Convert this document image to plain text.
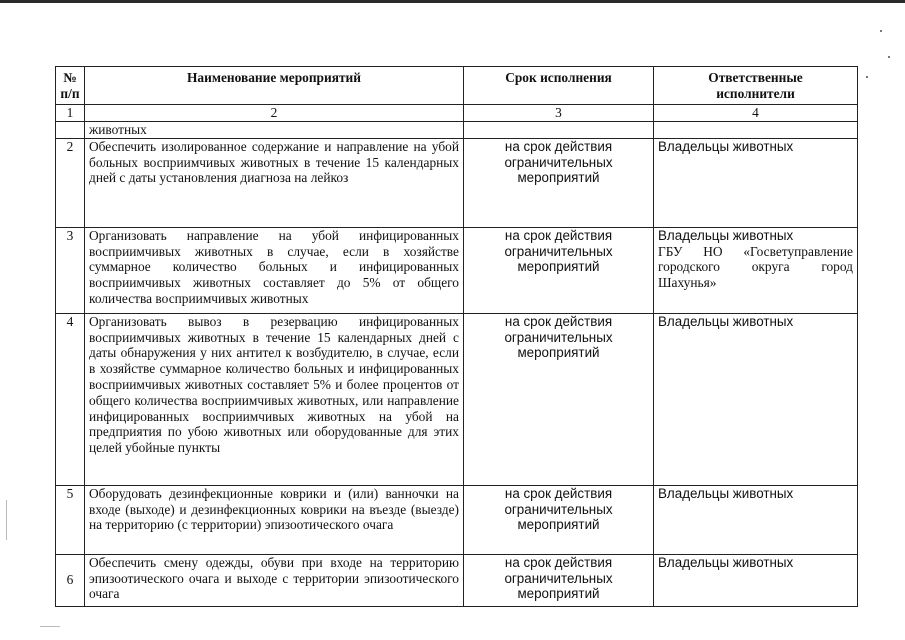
№ п/п	Наименование мероприятий	Срок исполнения	Ответственные
исполнители

1	2	3	4
	животных		
2	Обеспечить изолированное содержание и направление на убой больных восприимчивых животных в течение 15 календарных дней с даты установления диагноза на лейкоз	на срок действия ограничительных мероприятий	Владельцы животных

3	Организовать направление на убой инфицированных восприимчивых животных в случае, если в хозяйстве суммарное количество больных и инфицированных восприимчивых животных составляет до 5% от общего количества восприимчивых животных	на срок действия ограничительных мероприятий	Владельцы животных
ГБУ НО «Госветуправление городского округа город Шахунья»

4	Организовать вывоз в резервацию инфицированных восприимчивых животных в течение 15 календарных дней с даты обнаружения у них антител к возбудителю, в случае, если в хозяйстве суммарное количество больных и инфицированных восприимчивых животных составляет 5% и более процентов от общего количества восприимчивых животных, или направление инфицированных восприимчивых животных на убой на предприятия по убою животных или оборудованные для этих целей убойные пункты	на срок действия ограничительных мероприятий	Владельцы животных

5	Оборудовать дезинфекционные коврики и (или) ванночки на входе (выходе) и дезинфекционных коврики на въезде (выезде) на территорию (с территории) эпизоотического очага	на срок действия ограничительных мероприятий	Владельцы животных

6	Обеспечить смену одежды, обуви при входе на территорию эпизоотического очага и выходе с территории эпизоотического очага	на срок действия ограничительных мероприятий	Владельцы животных
